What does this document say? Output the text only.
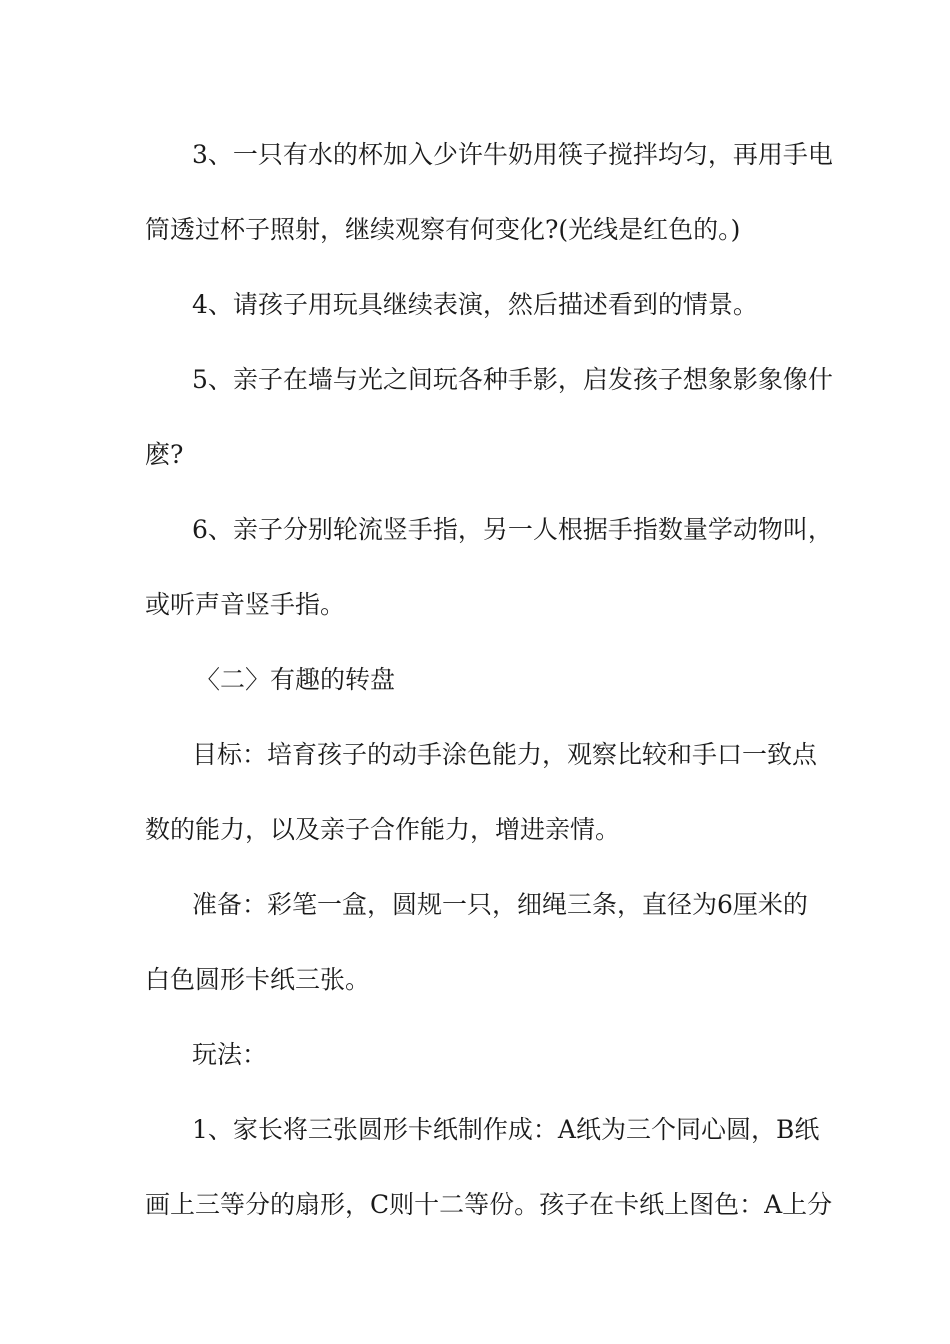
3、一只有水的杯加入少许牛奶用筷子搅拌均匀，再用手电
筒透过杯子照射，继续观察有何变化?(光线是红色的。)
4、请孩子用玩具继续表演，然后描述看到的情景。
5、亲子在墙与光之间玩各种手影，启发孩子想象影象像什
麽?
6、亲子分别轮流竖手指，另一人根据手指数量学动物叫，
或听声音竖手指。
〈二〉有趣的转盘
目标：培育孩子的动手涂色能力，观察比较和手口一致点
数的能力，以及亲子合作能力，增进亲情。
准备：彩笔一盒，圆规一只，细绳三条，直径为6厘米的
白色圆形卡纸三张。
玩法：
1、家长将三张圆形卡纸制作成：A纸为三个同心圆，B纸
画上三等分的扇形，C则十二等份。孩子在卡纸上图色：A上分
